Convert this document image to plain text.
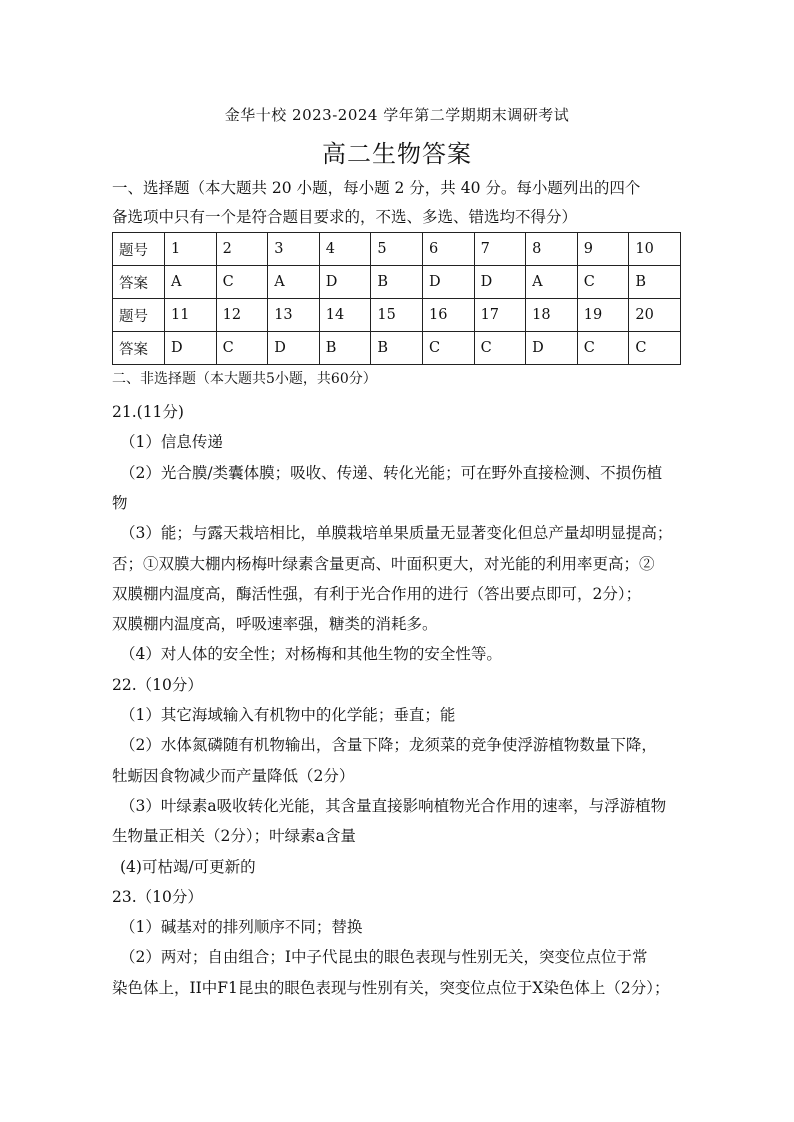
金华十校 2023-2024 学年第二学期期末调研考试
高二生物答案
一、选择题（本大题共 20 小题，每小题 2 分，共 40 分。每小题列出的四个
备选项中只有一个是符合题目要求的，不选、多选、错选均不得分）
题号	1	2	3	4	5	6	7	8	9	10
答案	A	C	A	D	B	D	D	A	C	B
题号	11	12	13	14	15	16	17	18	19	20
答案	D	C	D	B	B	C	C	D	C	C
二、非选择题（本大题共5小题，共60分）
21.(11分)
（1）信息传递
（2）光合膜/类囊体膜；吸收、传递、转化光能；可在野外直接检测、不损伤植
物
（3）能；与露天栽培相比，单膜栽培单果质量无显著变化但总产量却明显提高；
否；①双膜大棚内杨梅叶绿素含量更高、叶面积更大，对光能的利用率更高；②
双膜棚内温度高，酶活性强，有利于光合作用的进行（答出要点即可，2分）；
双膜棚内温度高，呼吸速率强，糖类的消耗多。
（4）对人体的安全性；对杨梅和其他生物的安全性等。
22.（10分）
（1）其它海域输入有机物中的化学能；垂直；能
（2）水体氮磷随有机物输出，含量下降；龙须菜的竞争使浮游植物数量下降，
牡蛎因食物减少而产量降低（2分）
（3）叶绿素a吸收转化光能，其含量直接影响植物光合作用的速率，与浮游植物
生物量正相关（2分）；叶绿素a含量
(4)可枯竭/可更新的
23.（10分）
（1）碱基对的排列顺序不同；替换
（2）两对；自由组合；Ⅰ中子代昆虫的眼色表现与性别无关，突变位点位于常
染色体上，II中F1昆虫的眼色表现与性别有关，突变位点位于X染色体上（2分）；
